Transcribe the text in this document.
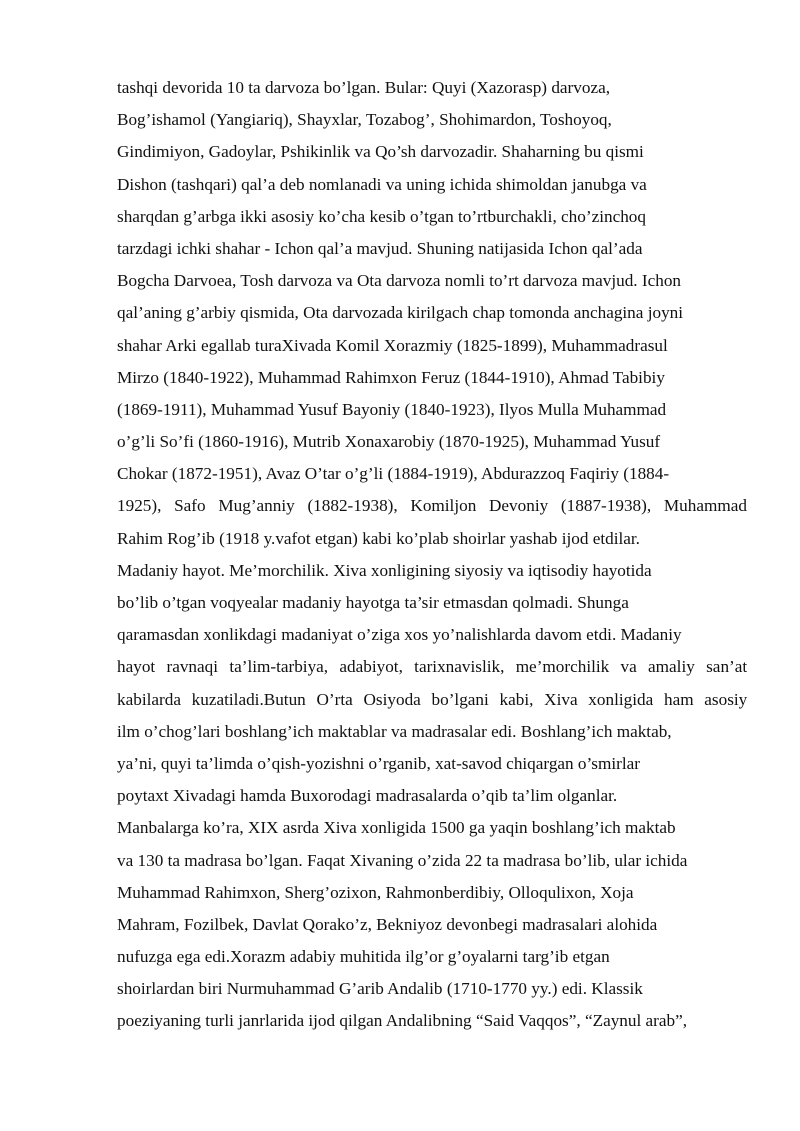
tashqi devorida 10 ta darvoza bo’lgan. Bular: Quyi (Xazorasp) darvoza,
Bog’ishamol (Yangiariq), Shayxlar, Tozabog’, Shohimardon, Toshoyoq,
Gindimiyon, Gadoylar, Pshikinlik va Qo’sh darvozadir. Shaharning bu qismi
Dishon (tashqari) qal’a deb nomlanadi va uning ichida shimoldan janubga va
sharqdan g’arbga ikki asosiy ko’cha kesib o’tgan to’rtburchakli, cho’zinchoq
tarzdagi ichki shahar - Ichon qal’a mavjud. Shuning natijasida Ichon qal’ada
Bogcha Darvoea, Tosh darvoza va Ota darvoza nomli to’rt darvoza mavjud. Ichon
qal’aning g’arbiy qismida, Ota darvozada kirilgach chap tomonda anchagina joyni
shahar Arki egallab turaXivada Komil Xorazmiy (1825-1899), Muhammadrasul
Mirzo (1840-1922), Muhammad Rahimxon Feruz (1844-1910), Ahmad Tabibiy
(1869-1911), Muhammad Yusuf Bayoniy (1840-1923), Ilyos Mulla Muhammad
o’g’li So’fi (1860-1916), Mutrib Xonaxarobiy (1870-1925), Muhammad Yusuf
Chokar (1872-1951), Avaz O’tar o’g’li (1884-1919), Abdurazzoq Faqiriy (1884-
1925), Safo Mug’anniy (1882-1938), Komiljon Devoniy (1887-1938), Muhammad
Rahim Rog’ib (1918 y.vafot etgan) kabi ko’plab shoirlar yashab ijod etdilar.
Madaniy hayot. Me’morchilik. Xiva xonligining siyosiy va iqtisodiy hayotida
bo’lib o’tgan voqyealar madaniy hayotga ta’sir etmasdan qolmadi. Shunga
qaramasdan xonlikdagi madaniyat o’ziga xos yo’nalishlarda davom etdi. Madaniy
hayot ravnaqi ta’lim-tarbiya, adabiyot, tarixnavislik, me’morchilik va amaliy san’at
kabilarda kuzatiladi.Butun O’rta Osiyoda bo’lgani kabi, Xiva xonligida ham asosiy
ilm o’chog’lari boshlang’ich maktablar va madrasalar edi. Boshlang’ich maktab,
ya’ni, quyi ta’limda o’qish-yozishni o’rganib, xat-savod chiqargan o’smirlar
poytaxt Xivadagi hamda Buxorodagi madrasalarda o’qib ta’lim olganlar.
Manbalarga ko’ra, XIX asrda Xiva xonligida 1500 ga yaqin boshlang’ich maktab
va 130 ta madrasa bo’lgan. Faqat Xivaning o’zida 22 ta madrasa bo’lib, ular ichida
Muhammad Rahimxon, Sherg’ozixon, Rahmonberdibiy, Olloqulixon, Xoja
Mahram, Fozilbek, Davlat Qorako’z, Bekniyoz devonbegi madrasalari alohida
nufuzga ega edi.Xorazm adabiy muhitida ilg’or g’oyalarni targ’ib etgan
shoirlardan biri Nurmuhammad G’arib Andalib (1710-1770 yy.) edi. Klassik
poeziyaning turli janrlarida ijod qilgan Andalibning “Said Vaqqos”, “Zaynul arab”,
